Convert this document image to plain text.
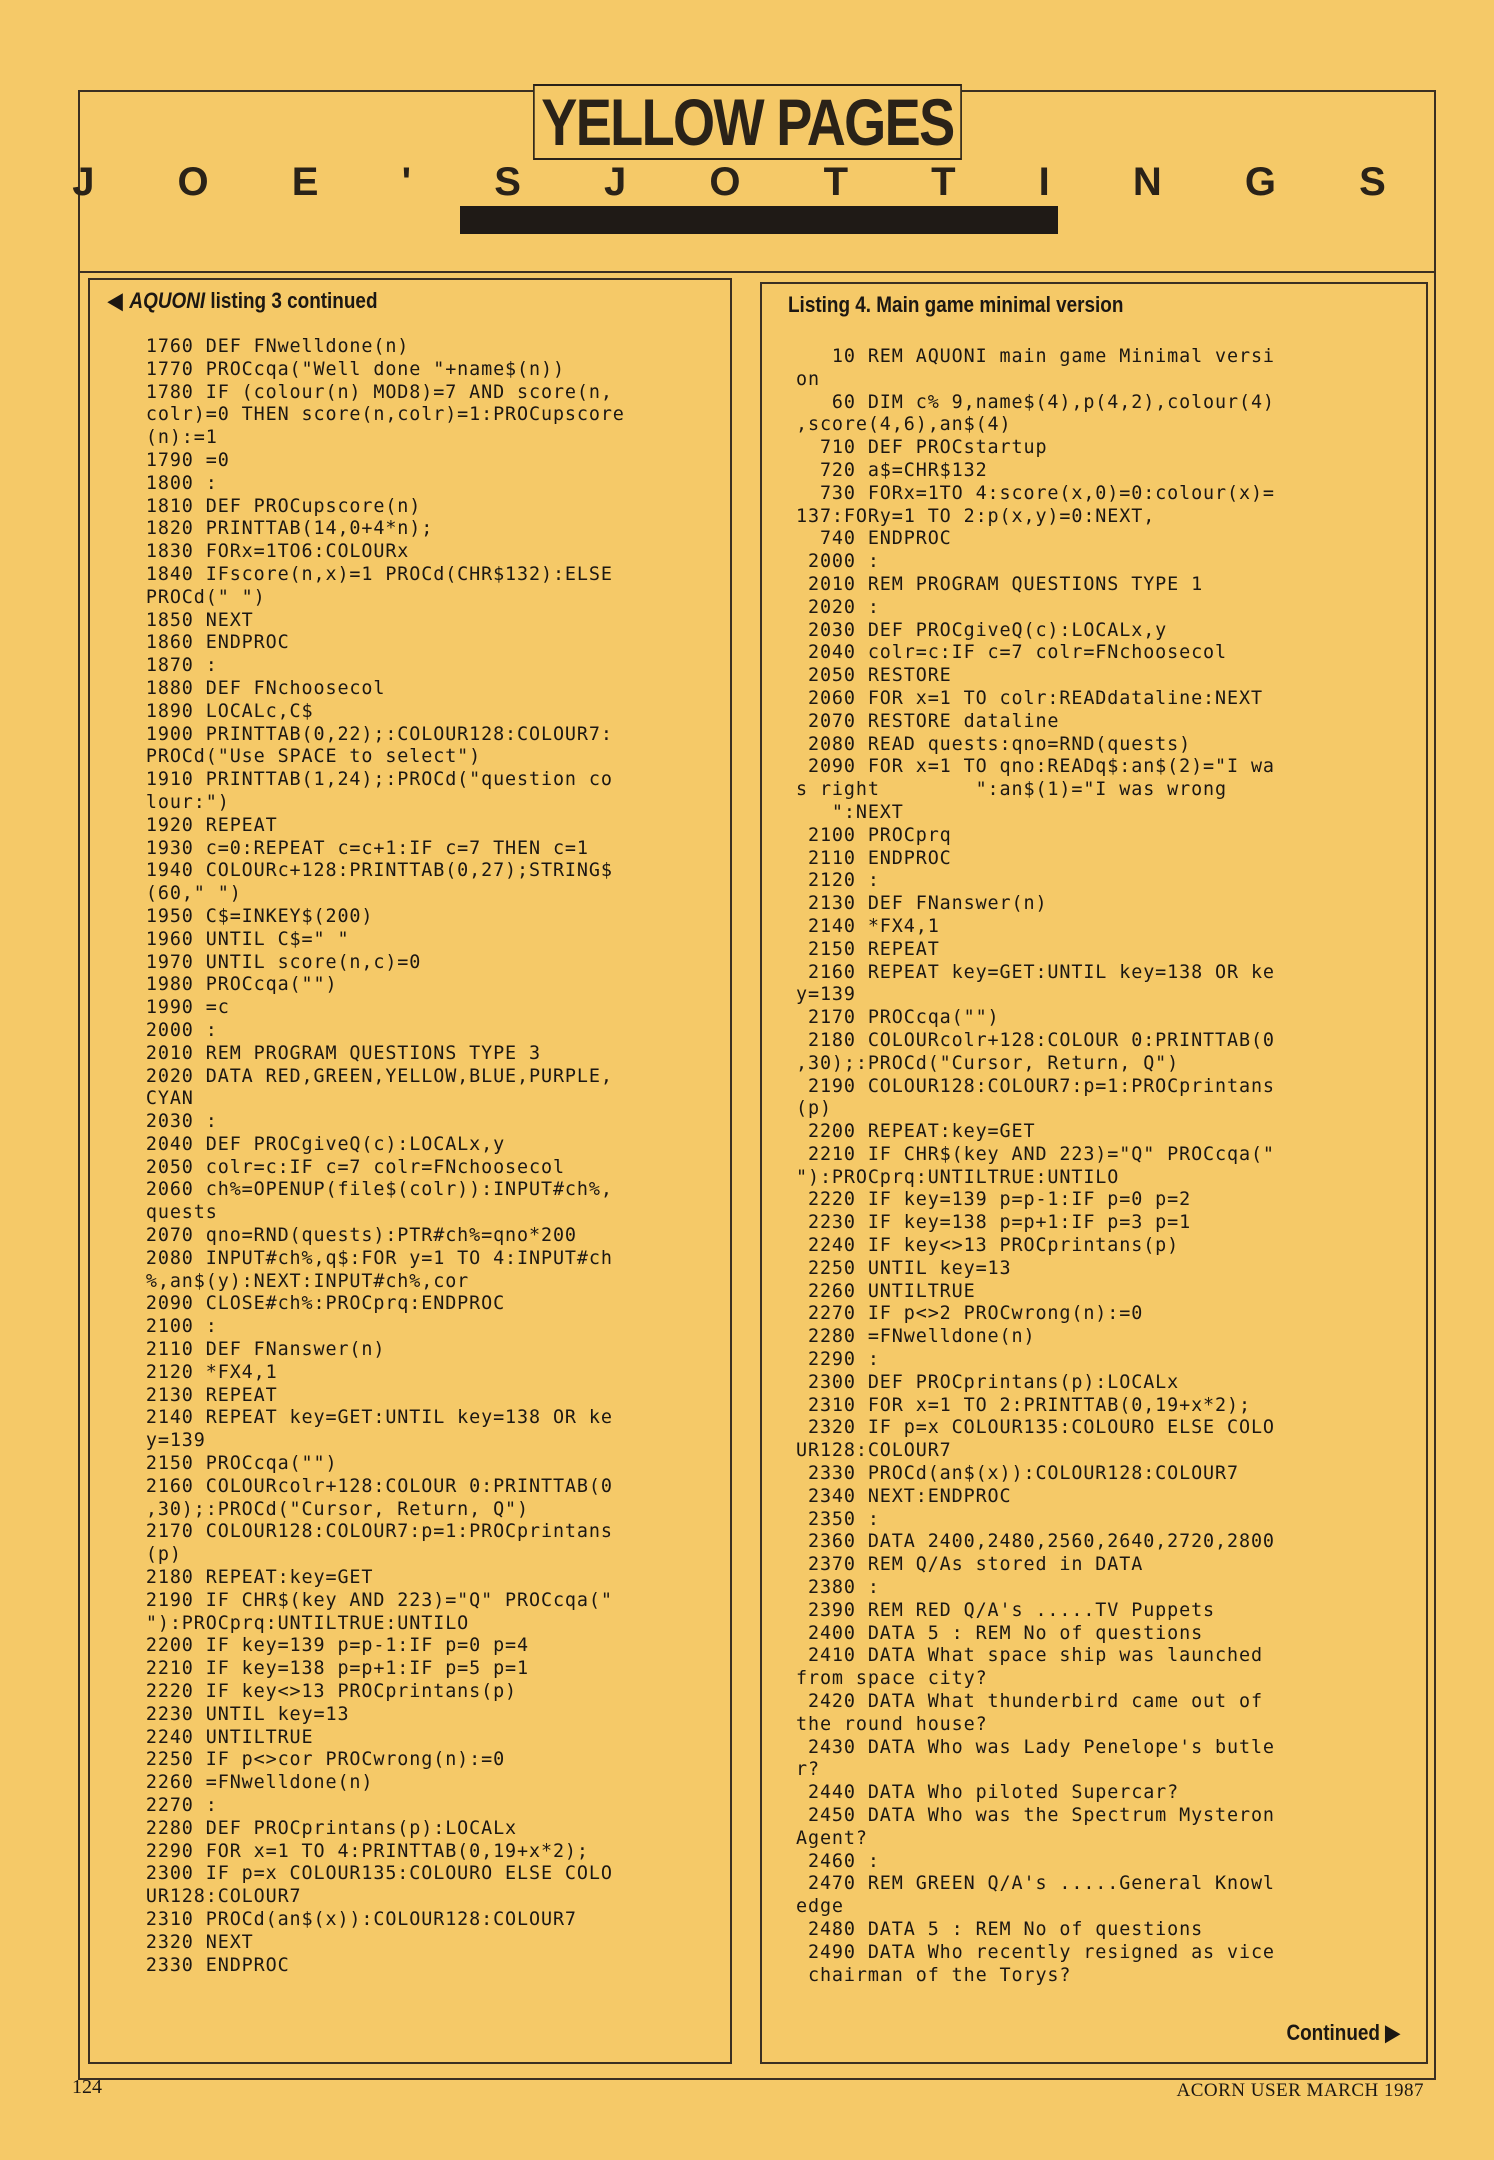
YELLOW PAGES
J O E ' S J O T T I N G S
◀ AQUONI listing 3 continued
1760 DEF FNwelldone(n)
1770 PROCcqa("Well done "+name$(n))
1780 IF (colour(n) MOD8)=7 AND score(n,
colr)=0 THEN score(n,colr)=1:PROCupscore
(n):=1
1790 =0
1800 :
1810 DEF PROCupscore(n)
1820 PRINTTAB(14,0+4*n);
1830 FORx=1TO6:COLOURx
1840 IFscore(n,x)=1 PROCd(CHR$132):ELSE
PROCd(" ")
1850 NEXT
1860 ENDPROC
1870 :
1880 DEF FNchoosecol
1890 LOCALc,C$
1900 PRINTTAB(0,22);:COLOUR128:COLOUR7:
PROCd("Use SPACE to select")
1910 PRINTTAB(1,24);:PROCd("question co
lour:")
1920 REPEAT
1930 c=0:REPEAT c=c+1:IF c=7 THEN c=1
1940 COLOURc+128:PRINTTAB(0,27);STRING$
(60," ")
1950 C$=INKEY$(200)
1960 UNTIL C$=" "
1970 UNTIL score(n,c)=0
1980 PROCcqa("")
1990 =c
2000 :
2010 REM PROGRAM QUESTIONS TYPE 3
2020 DATA RED,GREEN,YELLOW,BLUE,PURPLE,
CYAN
2030 :
2040 DEF PROCgiveQ(c):LOCALx,y
2050 colr=c:IF c=7 colr=FNchoosecol
2060 ch%=OPENUP(file$(colr)):INPUT#ch%,
quests
2070 qno=RND(quests):PTR#ch%=qno*200
2080 INPUT#ch%,q$:FOR y=1 TO 4:INPUT#ch
%,an$(y):NEXT:INPUT#ch%,cor
2090 CLOSE#ch%:PROCprq:ENDPROC
2100 :
2110 DEF FNanswer(n)
2120 *FX4,1
2130 REPEAT
2140 REPEAT key=GET:UNTIL key=138 OR ke
y=139
2150 PROCcqa("")
2160 COLOURcolr+128:COLOUR 0:PRINTTAB(0
,30);:PROCd("Cursor, Return, Q")
2170 COLOUR128:COLOUR7:p=1:PROCprintans
(p)
2180 REPEAT:key=GET
2190 IF CHR$(key AND 223)="Q" PROCcqa("
"):PROCprq:UNTILTRUE:UNTILO
2200 IF key=139 p=p-1:IF p=0 p=4
2210 IF key=138 p=p+1:IF p=5 p=1
2220 IF key<>13 PROCprintans(p)
2230 UNTIL key=13
2240 UNTILTRUE
2250 IF p<>cor PROCwrong(n):=0
2260 =FNwelldone(n)
2270 :
2280 DEF PROCprintans(p):LOCALx
2290 FOR x=1 TO 4:PRINTTAB(0,19+x*2);
2300 IF p=x COLOUR135:COLOURO ELSE COLO
UR128:COLOUR7
2310 PROCd(an$(x)):COLOUR128:COLOUR7
2320 NEXT
2330 ENDPROC
Listing 4. Main game minimal version
10 REM AQUONI main game Minimal versi
on
60 DIM c% 9,name$(4),p(4,2),colour(4)
,score(4,6),an$(4)
710 DEF PROCstartup
720 a$=CHR$132
730 FORx=1TO 4:score(x,0)=0:colour(x)=
137:FORy=1 TO 2:p(x,y)=0:NEXT,
740 ENDPROC
2000 :
2010 REM PROGRAM QUESTIONS TYPE 1
2020 :
2030 DEF PROCgiveQ(c):LOCALx,y
2040 colr=c:IF c=7 colr=FNchoosecol
2050 RESTORE
2060 FOR x=1 TO colr:READdataline:NEXT
2070 RESTORE dataline
2080 READ quests:qno=RND(quests)
2090 FOR x=1 TO qno:READq$:an$(2)="I wa
s right        ":an$(1)="I was wrong
":NEXT
2100 PROCprq
2110 ENDPROC
2120 :
2130 DEF FNanswer(n)
2140 *FX4,1
2150 REPEAT
2160 REPEAT key=GET:UNTIL key=138 OR ke
y=139
2170 PROCcqa("")
2180 COLOURcolr+128:COLOUR 0:PRINTTAB(0
,30);:PROCd("Cursor, Return, Q")
2190 COLOUR128:COLOUR7:p=1:PROCprintans
(p)
2200 REPEAT:key=GET
2210 IF CHR$(key AND 223)="Q" PROCcqa("
"):PROCprq:UNTILTRUE:UNTILO
2220 IF key=139 p=p-1:IF p=0 p=2
2230 IF key=138 p=p+1:IF p=3 p=1
2240 IF key<>13 PROCprintans(p)
2250 UNTIL key=13
2260 UNTILTRUE
2270 IF p<>2 PROCwrong(n):=0
2280 =FNwelldone(n)
2290 :
2300 DEF PROCprintans(p):LOCALx
2310 FOR x=1 TO 2:PRINTTAB(0,19+x*2);
2320 IF p=x COLOUR135:COLOURO ELSE COLO
UR128:COLOUR7
2330 PROCd(an$(x)):COLOUR128:COLOUR7
2340 NEXT:ENDPROC
2350 :
2360 DATA 2400,2480,2560,2640,2720,2800
2370 REM Q/As stored in DATA
2380 :
2390 REM RED Q/A's .....TV Puppets
2400 DATA 5 : REM No of questions
2410 DATA What space ship was launched
from space city?
2420 DATA What thunderbird came out of
the round house?
2430 DATA Who was Lady Penelope's butle
r?
2440 DATA Who piloted Supercar?
2450 DATA Who was the Spectrum Mysteron
Agent?
2460 :
2470 REM GREEN Q/A's .....General Knowl
edge
2480 DATA 5 : REM No of questions
2490 DATA Who recently resigned as vice
chairman of the Torys?
Continued ▶
124	ACORN USER MARCH 1987
